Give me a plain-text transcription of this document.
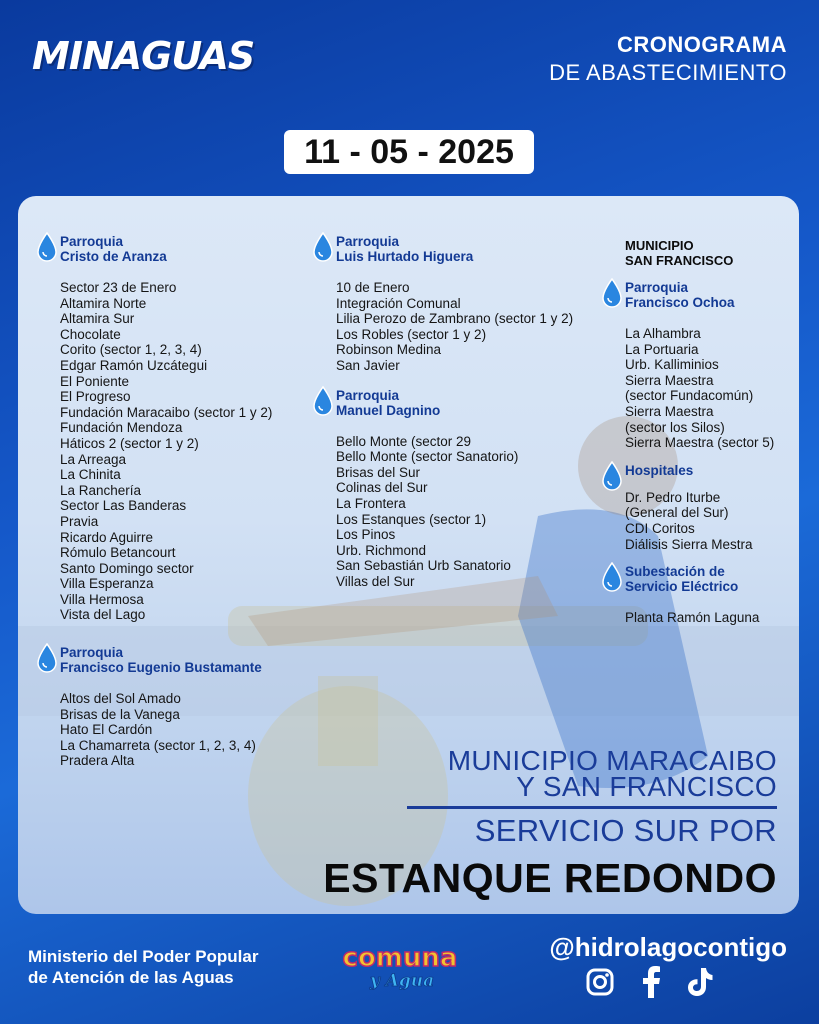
MINAGUAS	CRONOGRAMA
DE ABASTECIMIENTO
11 - 05 - 2025
Parroquia
Cristo de Aranza
Sector 23 de Enero
Altamira Norte
Altamira Sur
Chocolate
Corito (sector 1, 2, 3, 4)
Edgar Ramón Uzcátegui
El Poniente
El Progreso
Fundación Maracaibo (sector 1 y 2)
Fundación Mendoza
Háticos 2 (sector 1 y 2)
La Arreaga
La Chinita
La Ranchería
Sector Las Banderas
Pravia
Ricardo Aguirre
Rómulo Betancourt
Santo Domingo sector
Villa Esperanza
Villa Hermosa
Vista del Lago
Parroquia
Francisco Eugenio Bustamante
Altos del Sol Amado
Brisas de la Vanega
Hato El Cardón
La Chamarreta (sector 1, 2, 3, 4)
Pradera Alta
Parroquia
Luis Hurtado Higuera
10 de Enero
Integración Comunal
Lilia Perozo de Zambrano (sector 1 y 2)
Los Robles (sector 1 y 2)
Robinson Medina
San Javier
Parroquia
Manuel Dagnino
Bello Monte (sector 29
Bello Monte (sector Sanatorio)
Brisas del Sur
Colinas del Sur
La Frontera
Los Estanques (sector 1)
Los Pinos
Urb. Richmond
San Sebastián Urb Sanatorio
Villas del Sur
MUNICIPIO
SAN FRANCISCO
Parroquia
Francisco Ochoa
La Alhambra
La Portuaria
Urb. Kalliminios
Sierra Maestra
(sector Fundacomún)
Sierra Maestra
(sector los Silos)
Sierra Maestra (sector 5)
Hospitales
Dr. Pedro Iturbe
(General del Sur)
CDI Coritos
Diálisis Sierra Mestra
Subestación de
Servicio Eléctrico
Planta Ramón Laguna
MUNICIPIO MARACAIBO
Y SAN FRANCISCO
SERVICIO SUR POR
ESTANQUE REDONDO
Ministerio del Poder Popular
de Atención de las Aguas
comuna
y Agua
@hidrolagocontigo
